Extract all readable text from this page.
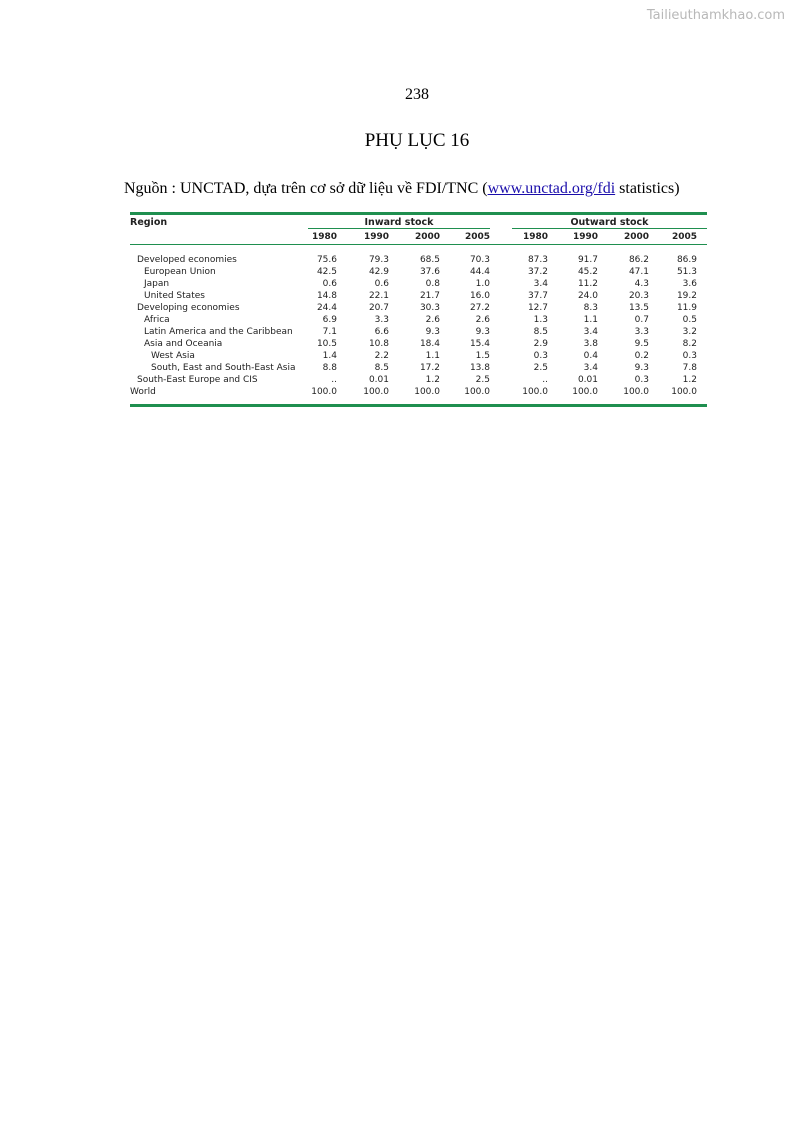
Tailieuthamkhao.com
238
PHỤ LỤC 16
Nguồn : UNCTAD, dựa trên cơ sở dữ liệu về FDI/TNC (www.unctad.org/fdi statistics)
Region	Inward stock	Outward stock
1980	1990	2000	2005	1980	1990	2000	2005
Developed economies	75.6	79.3	68.5	70.3	87.3	91.7	86.2	86.9
European Union	42.5	42.9	37.6	44.4	37.2	45.2	47.1	51.3
Japan	0.6	0.6	0.8	1.0	3.4	11.2	4.3	3.6
United States	14.8	22.1	21.7	16.0	37.7	24.0	20.3	19.2
Developing economies	24.4	20.7	30.3	27.2	12.7	8.3	13.5	11.9
Africa	6.9	3.3	2.6	2.6	1.3	1.1	0.7	0.5
Latin America and the Caribbean	7.1	6.6	9.3	9.3	8.5	3.4	3.3	3.2
Asia and Oceania	10.5	10.8	18.4	15.4	2.9	3.8	9.5	8.2
West Asia	1.4	2.2	1.1	1.5	0.3	0.4	0.2	0.3
South, East and South-East Asia	8.8	8.5	17.2	13.8	2.5	3.4	9.3	7.8
South-East Europe and CIS	..	0.01	1.2	2.5	..	0.01	0.3	1.2
World	100.0	100.0	100.0	100.0	100.0	100.0	100.0	100.0
